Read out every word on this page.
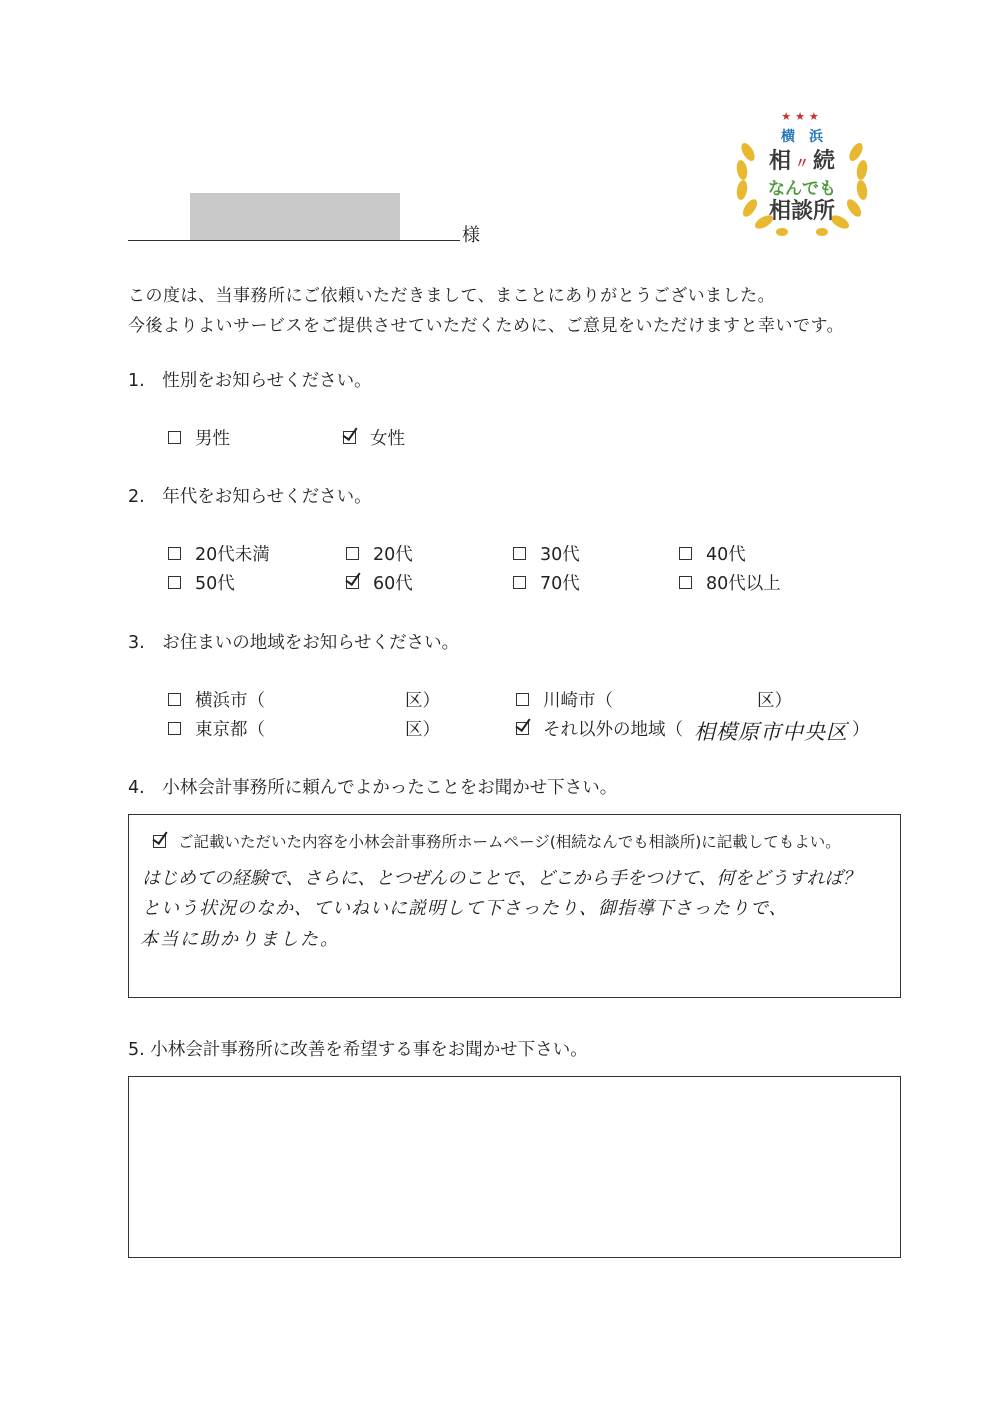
★★★
横　浜
相 〃 続
なんでも
相談所
様
この度は、当事務所にご依頼いただきまして、まことにありがとうございました。
今後よりよいサービスをご提供させていただくために、ご意見をいただけますと幸いです。
1.　性別をお知らせください。
男性	女性
2.　年代をお知らせください。
20代未満	20代	30代	40代
50代	60代	70代	80代以上
3.　お住まいの地域をお知らせください。
横浜市（	区）	川崎市（	区）
東京都（	区）	それ以外の地域（ 相模原市中央区 ）
4.　小林会計事務所に頼んでよかったことをお聞かせ下さい。
ご記載いただいた内容を小林会計事務所ホームページ(相続なんでも相談所)に記載してもよい。
はじめての経験で、さらに、とつぜんのことで、どこから手をつけて、何をどうすれば？
という状況のなか、ていねいに説明して下さったり、御指導下さったりで、
本当に助かりました。
5. 小林会計事務所に改善を希望する事をお聞かせ下さい。
